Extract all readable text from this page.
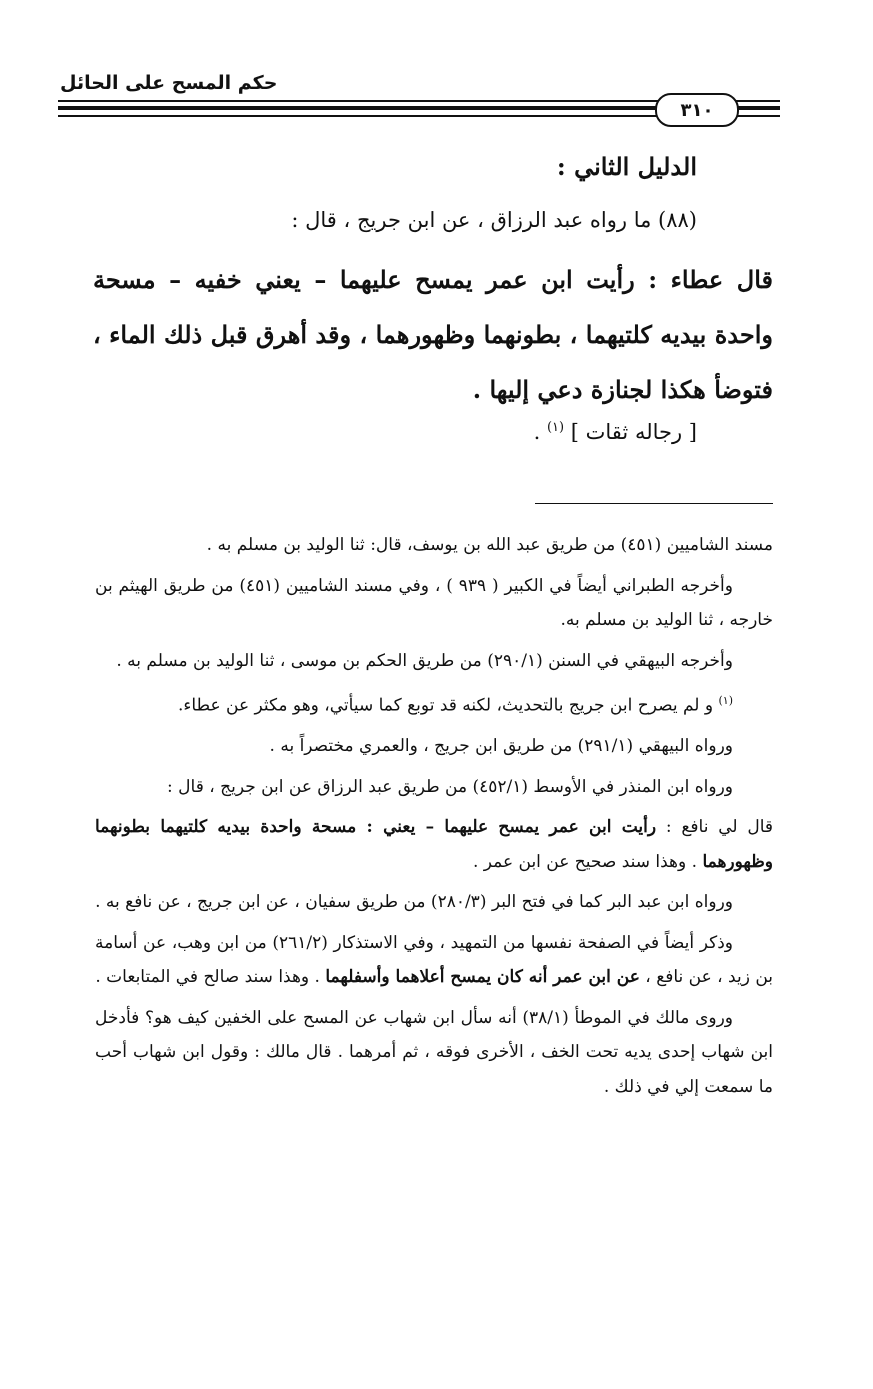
حكم المسح على الحائل
٣١٠
الدليل الثاني :
(٨٨) ما رواه عبد الرزاق ، عن ابن جريج ، قال :
قال عطاء : رأيت ابن عمر يمسح عليهما – يعني خفيه – مسحة واحدة بيديه كلتيهما ، بطونهما وظهورهما ، وقد أهرق قبل ذلك الماء ، فتوضأ هكذا لجنازة دعي إليها .
[ رجاله ثقات ] $^{(١)}$ .

مسند الشاميين (٤٥١) من طريق عبد الله بن يوسف، قال: ثنا الوليد بن مسلم به .

وأخرجه الطبراني أيضاً في الكبير ( ٩٣٩ ) ، وفي مسند الشاميين (٤٥١) من طريق الهيثم بن خارجه ، ثنا الوليد بن مسلم به.

وأخرجه البيهقي في السنن (٢٩٠/١) من طريق الحكم بن موسى ، ثنا الوليد بن مسلم به .

$^{(١)}$ و لم يصرح ابن جريج بالتحديث، لكنه قد توبع كما سيأتي، وهو مكثر عن عطاء.

ورواه البيهقي (٢٩١/١) من طريق ابن جريج ، والعمري مختصراً به .

ورواه ابن المنذر في الأوسط (٤٥٢/١) من طريق عبد الرزاق عن ابن جريج ، قال :

قال لي نافع : رأيت ابن عمر يمسح عليهما – يعني : مسحة واحدة بيديه كلتيهما بطونهما وظهورهما . وهذا سند صحيح عن ابن عمر .

ورواه ابن عبد البر كما في فتح البر (٢٨٠/٣) من طريق سفيان ، عن ابن جريج ، عن نافع به .

وذكر أيضاً في الصفحة نفسها من التمهيد ، وفي الاستذكار (٢٦١/٢) من ابن وهب، عن أسامة بن زيد ، عن نافع ، عن ابن عمر أنه كان يمسح أعلاهما وأسفلهما . وهذا سند صالح في المتابعات .

وروى مالك في الموطأ (٣٨/١) أنه سأل ابن شهاب عن المسح على الخفين كيف هو؟ فأدخل ابن شهاب إحدى يديه تحت الخف ، الأخرى فوقه ، ثم أمرهما . قال مالك : وقول ابن شهاب أحب ما سمعت إلي في ذلك .
